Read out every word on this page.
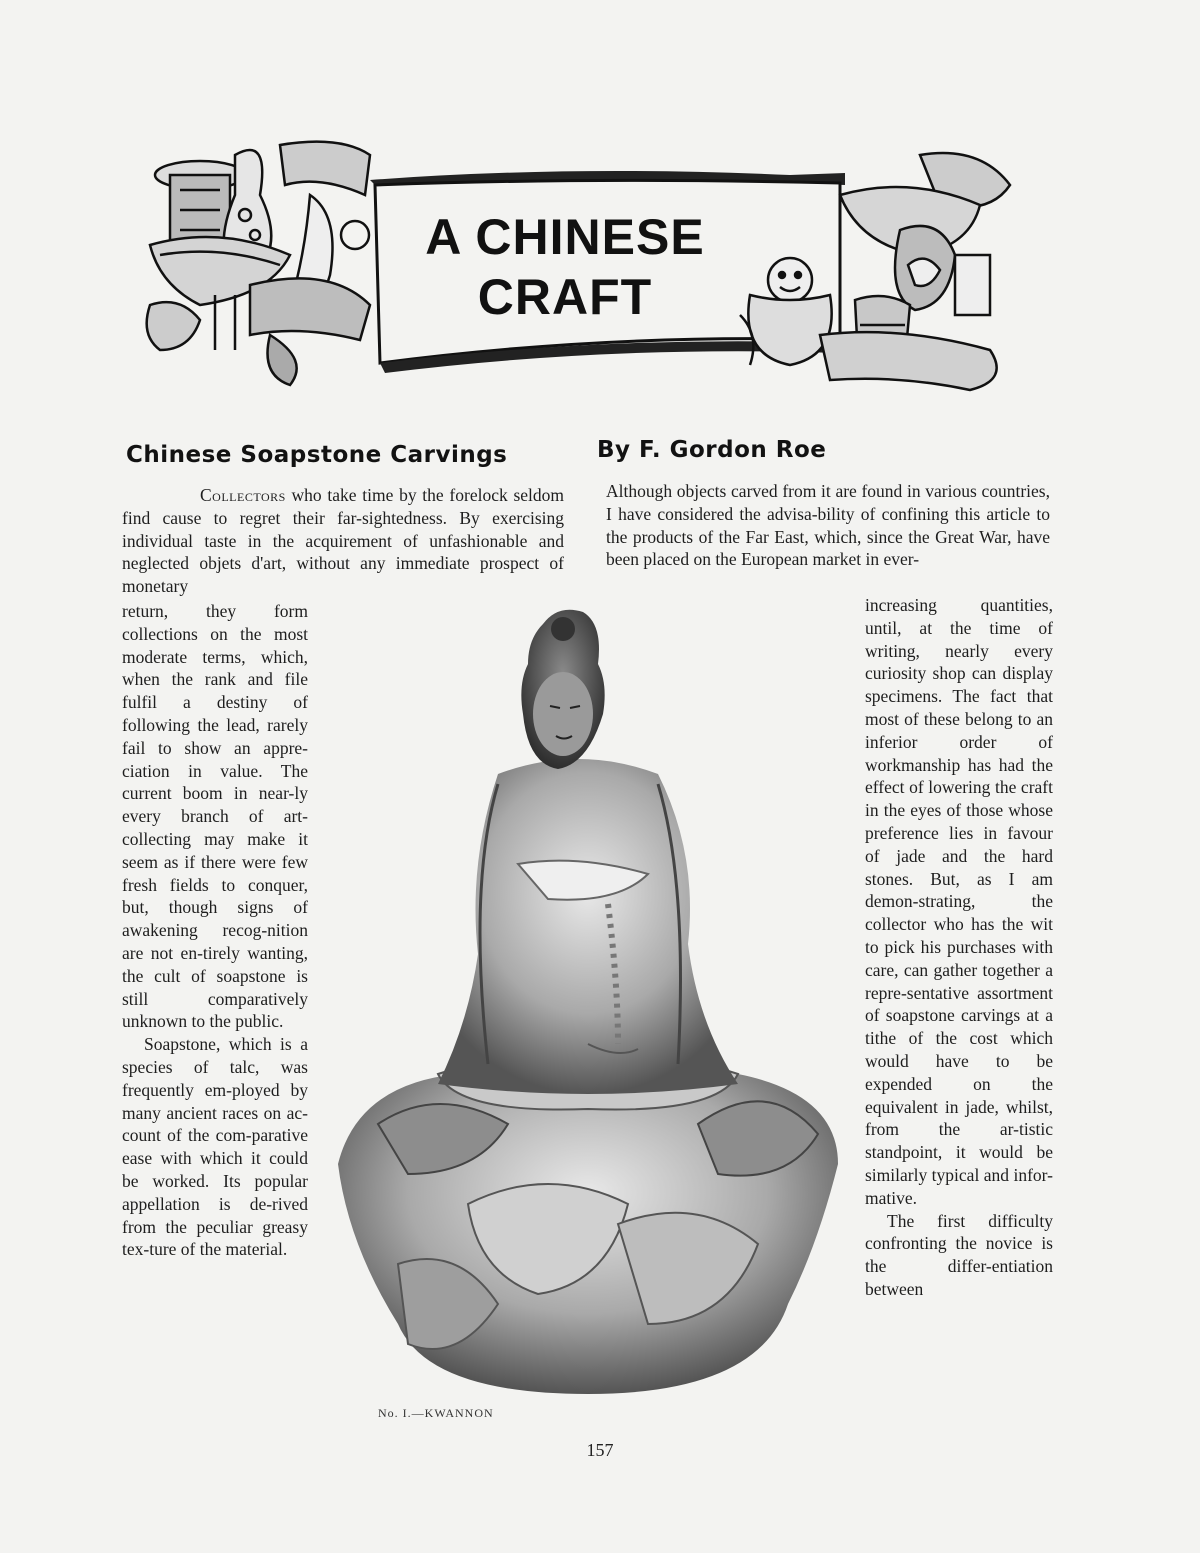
A CHINESE
CRAFT
Chinese Soapstone Carvings	By F. Gordon Roe

Collectors who take time by the forelock seldom find cause to regret their far-sightedness. By exercising individual taste in the acquirement of unfashionable and neglected objets d'art, without any immediate prospect of monetary

return, they form collections on the most moderate terms, which, when the rank and file fulfil a destiny of following the lead, rarely fail to show an appre-ciation in value. The current boom in near-ly every branch of art-collecting may make it seem as if there were few fresh fields to conquer, but, though signs of awakening recog-nition are not en-tirely wanting, the cult of soapstone is still comparatively unknown to the public.

Soapstone, which is a species of talc, was frequently em-ployed by many ancient races on ac-count of the com-parative ease with which it could be worked. Its popular appellation is de-rived from the peculiar greasy tex-ture of the material.

Although objects carved from it are found in various countries, I have considered the advisa-bility of confining this article to the products of the Far East, which, since the Great War, have been placed on the European market in ever-

increasing quantities, until, at the time of writing, nearly every curiosity shop can display specimens. The fact that most of these belong to an inferior order of workmanship has had the effect of lowering the craft in the eyes of those whose preference lies in favour of jade and the hard stones. But, as I am demon-strating, the collector who has the wit to pick his purchases with care, can gather together a repre-sentative assortment of soapstone carvings at a tithe of the cost which would have to be expended on the equivalent in jade, whilst, from the ar-tistic standpoint, it would be similarly typical and infor-mative.

The first difficulty confronting the novice is the differ-entiation between

No. I.—KWANNON
157
